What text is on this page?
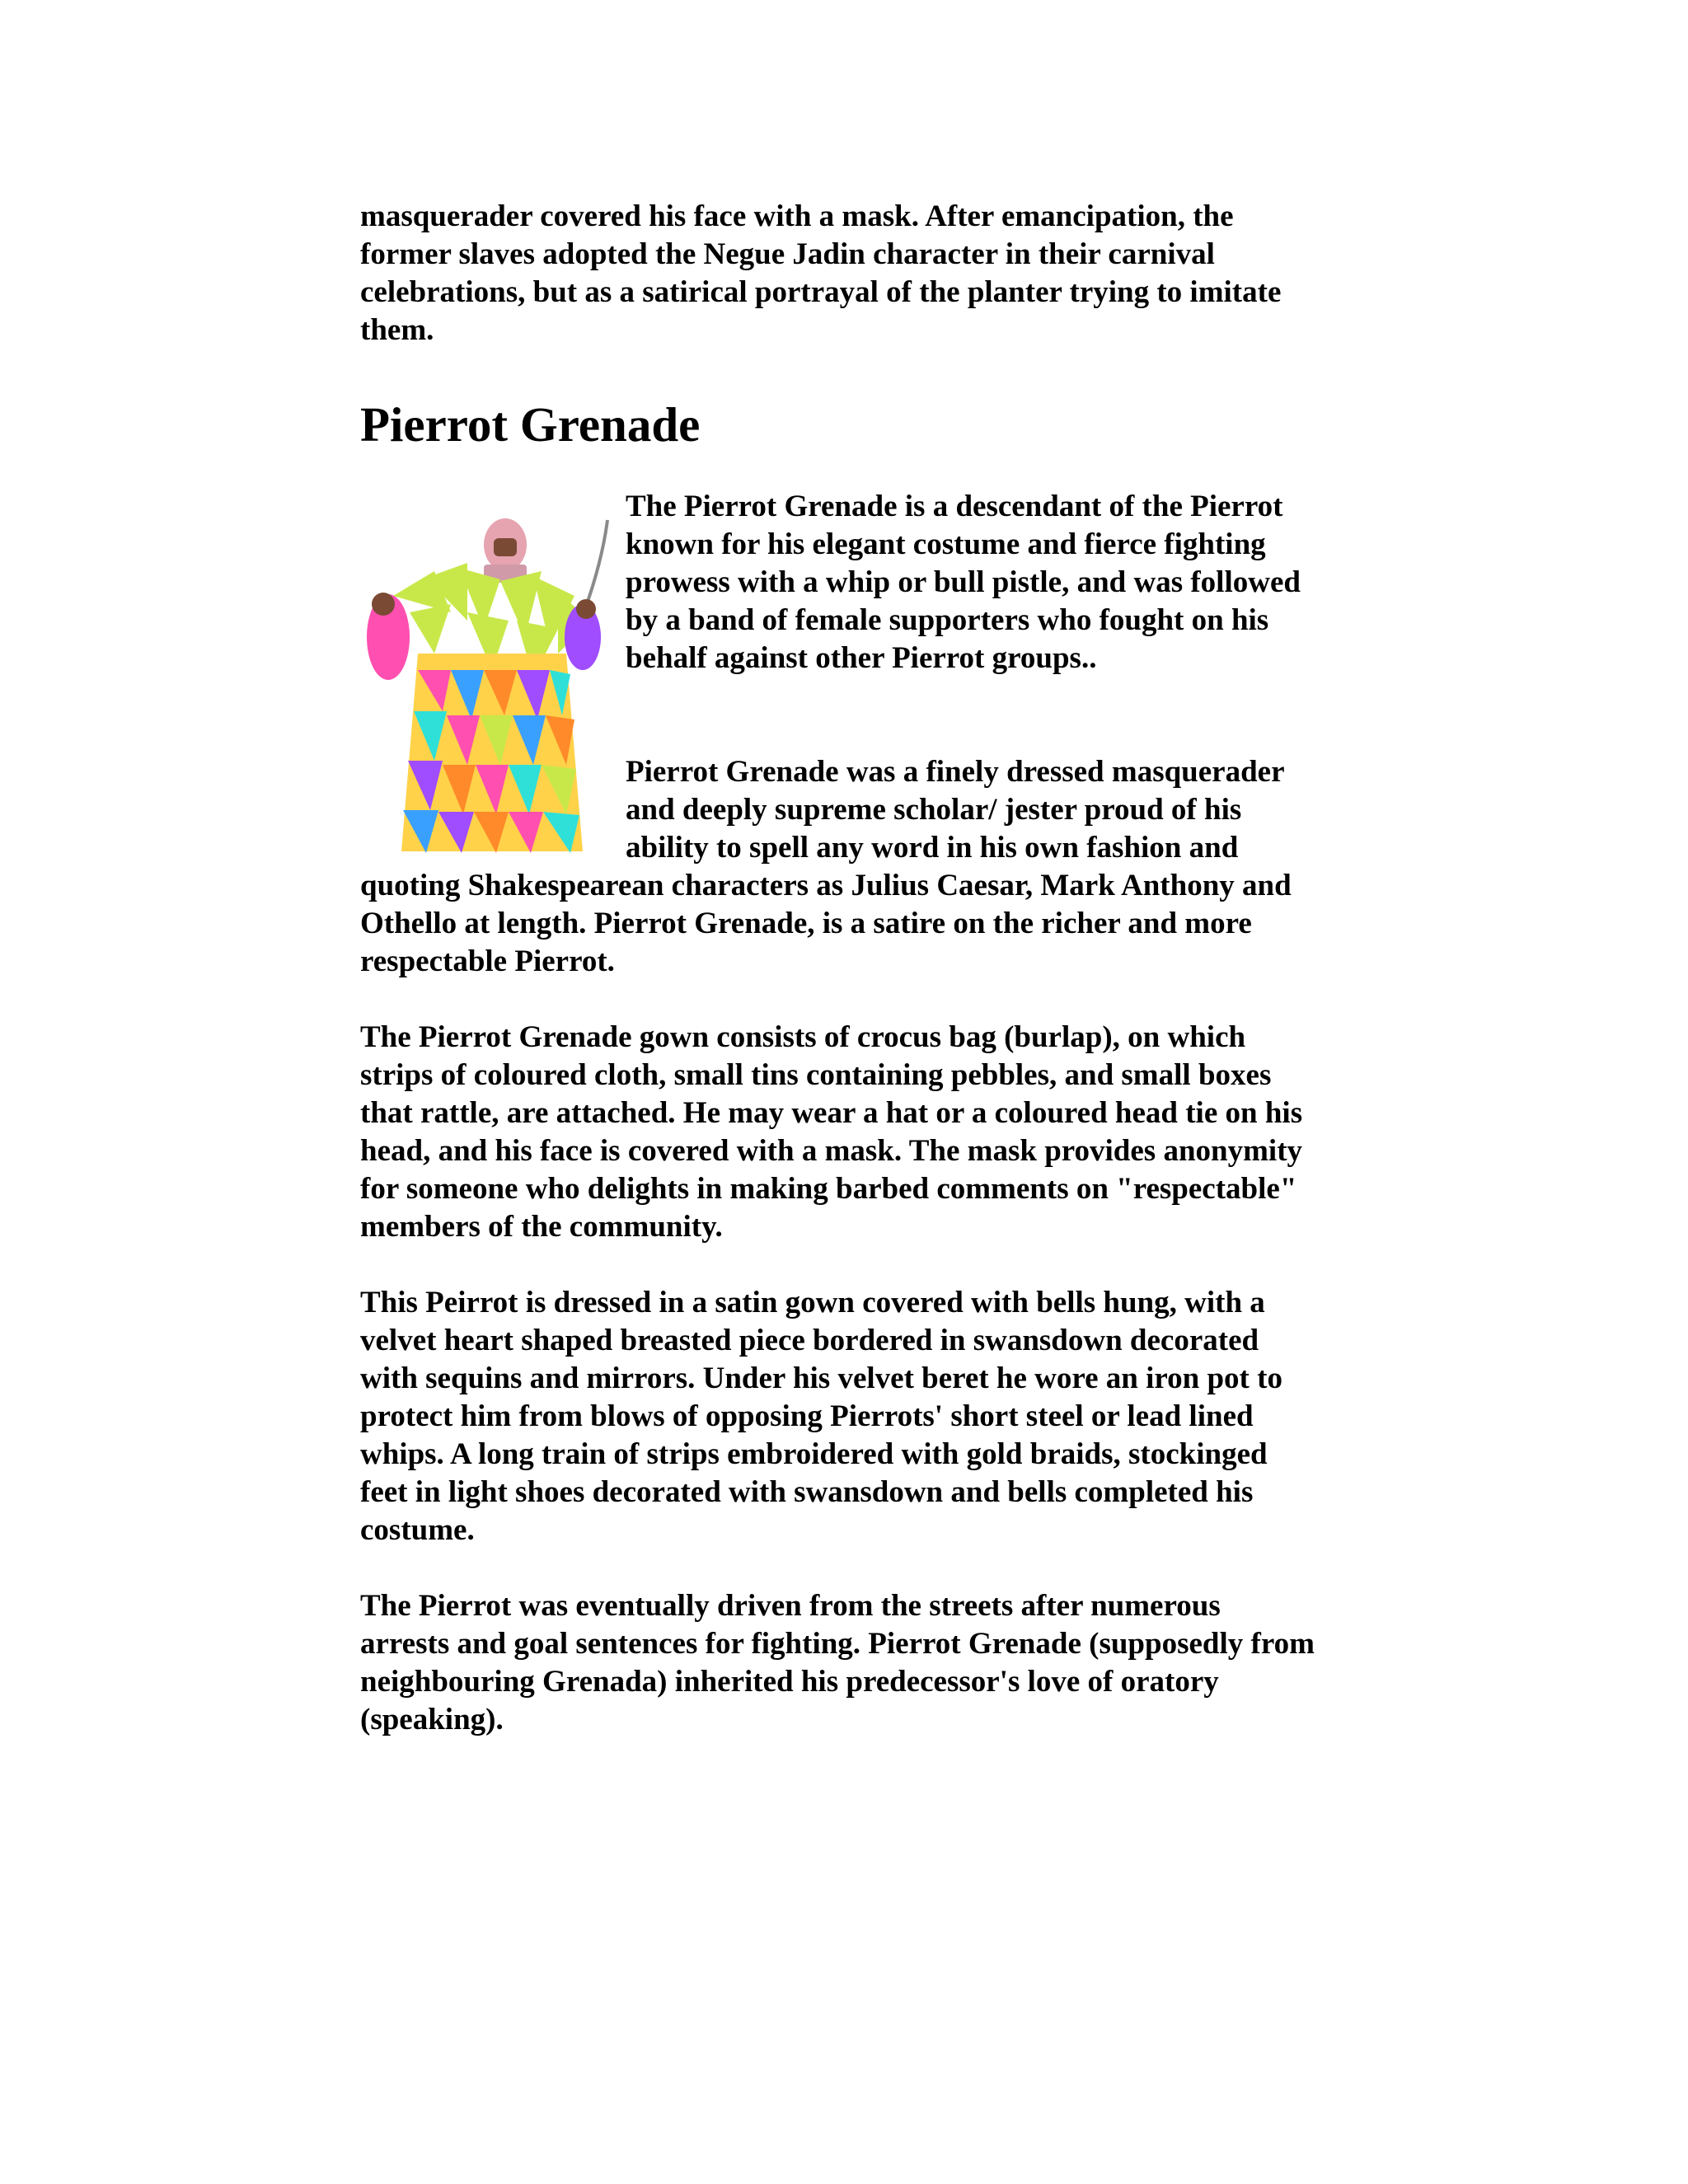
masquerader covered his face with a mask. After emancipation, the former slaves adopted the Negue Jadin character in their carnival celebrations, but as a satirical portrayal of the planter trying to imitate them.

Pierrot Grenade

The Pierrot Grenade is a descendant of the Pierrot known for his elegant costume and fierce fighting prowess with a whip or bull pistle, and was followed by a band of female supporters who fought on his behalf against other Pierrot groups..

Pierrot Grenade was a finely dressed masquerader and deeply supreme scholar/ jester proud of his ability to spell any word in his own fashion and quoting Shakespearean characters as Julius Caesar, Mark Anthony and Othello at length. Pierrot Grenade, is a satire on the richer and more respectable Pierrot.

The Pierrot Grenade gown consists of crocus bag (burlap), on which strips of coloured cloth, small tins containing pebbles, and small boxes that rattle, are attached. He may wear a hat or a coloured head tie on his head, and his face is covered with a mask. The mask provides anonymity for someone who delights in making barbed comments on "respectable" members of the community.

This Peirrot is dressed in a satin gown covered with bells hung, with a velvet heart shaped breasted piece bordered in swansdown decorated with sequins and mirrors. Under his velvet beret he wore an iron pot to protect him from blows of opposing Pierrots' short steel or lead lined whips. A long train of strips embroidered with gold braids, stockinged feet in light shoes decorated with swansdown and bells completed his costume.

The Pierrot was eventually driven from the streets after numerous arrests and goal sentences for fighting. Pierrot Grenade (supposedly from neighbouring Grenada) inherited his predecessor's love of oratory (speaking).
